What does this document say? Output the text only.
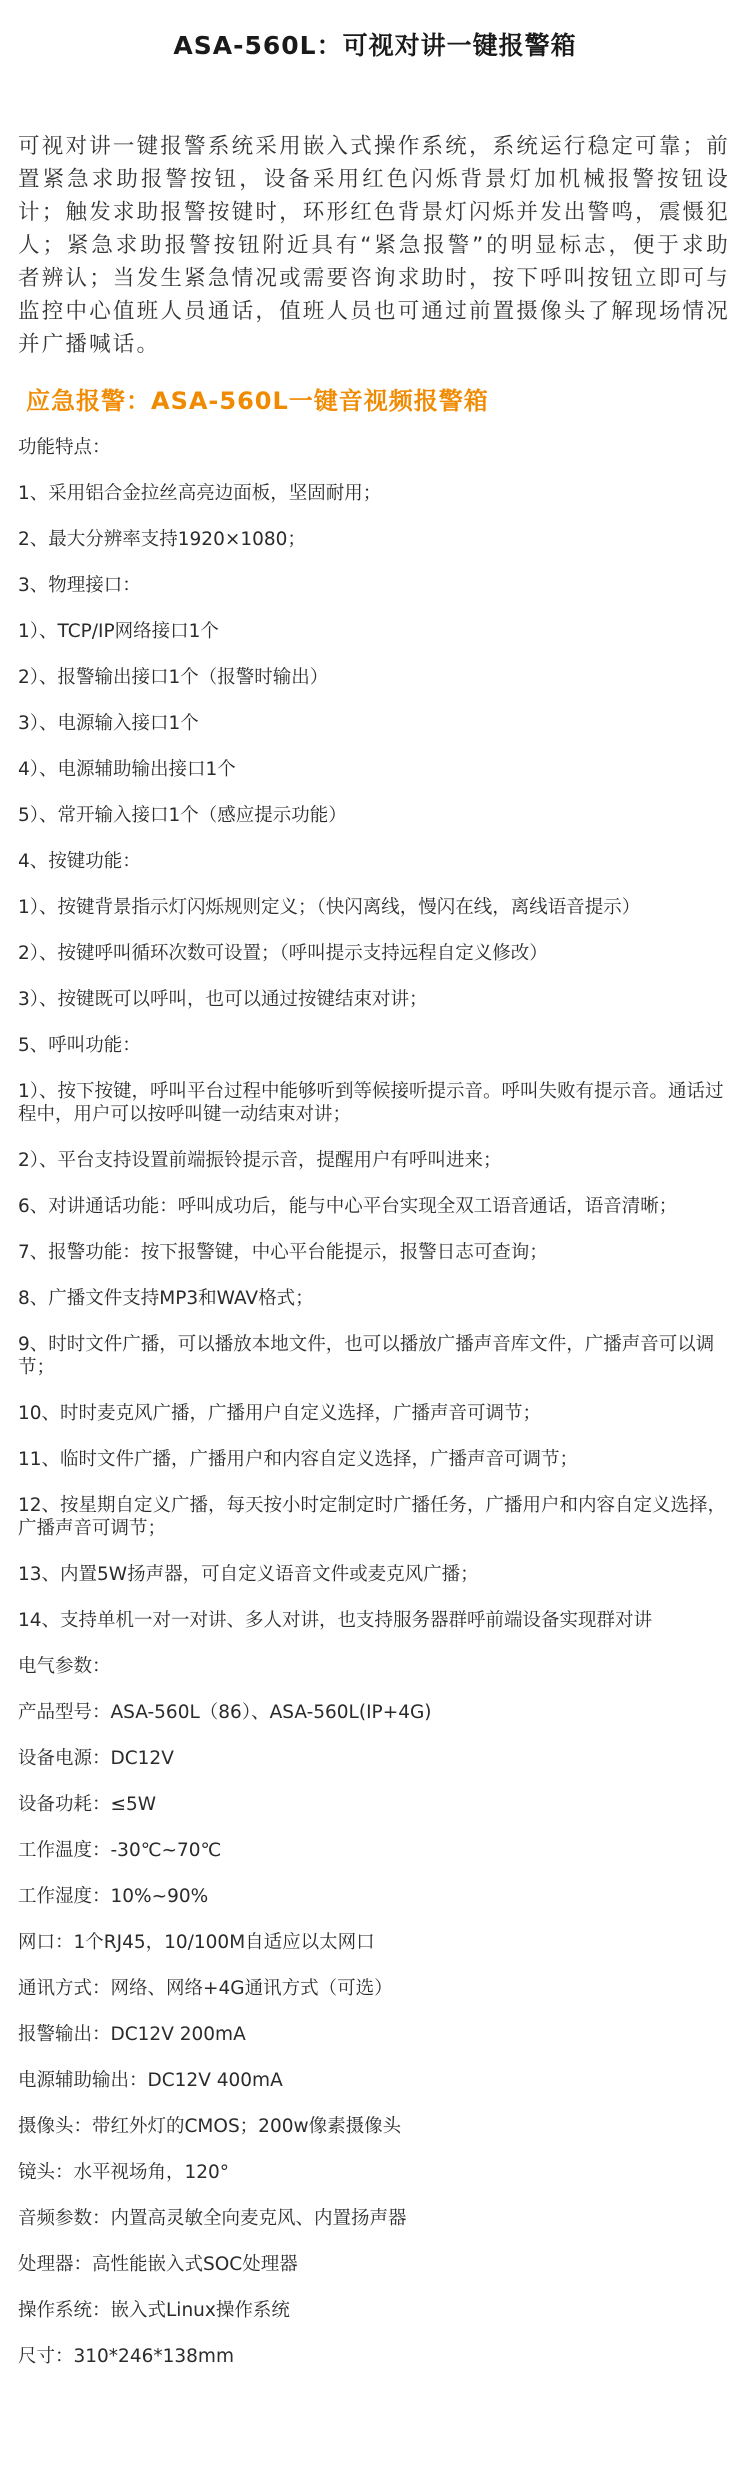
ASA-560L：可视对讲一键报警箱

可视对讲一键报警系统采用嵌入式操作系统，系统运行稳定可靠；前置紧急求助报警按钮，设备采用红色闪烁背景灯加机械报警按钮设计；触发求助报警按键时，环形红色背景灯闪烁并发出警鸣，震慑犯人；紧急求助报警按钮附近具有“紧急报警”的明显标志，便于求助者辨认；当发生紧急情况或需要咨询求助时，按下呼叫按钮立即可与监控中心值班人员通话，值班人员也可通过前置摄像头了解现场情况并广播喊话。

应急报警：ASA-560L一键音视频报警箱
功能特点：
1、采用铝合金拉丝高亮边面板，坚固耐用；
2、最大分辨率支持1920×1080；
3、物理接口：
1）、TCP/IP网络接口1个
2）、报警输出接口1个（报警时输出）
3）、电源输入接口1个
4）、电源辅助输出接口1个
5）、常开输入接口1个（感应提示功能）
4、按键功能：
1）、按键背景指示灯闪烁规则定义；（快闪离线，慢闪在线，离线语音提示）
2）、按键呼叫循环次数可设置；（呼叫提示支持远程自定义修改）
3）、按键既可以呼叫，也可以通过按键结束对讲；
5、呼叫功能：
1）、按下按键，呼叫平台过程中能够听到等候接听提示音。呼叫失败有提示音。通话过程中，用户可以按呼叫键一动结束对讲；
2）、平台支持设置前端振铃提示音，提醒用户有呼叫进来；
6、对讲通话功能：呼叫成功后，能与中心平台实现全双工语音通话，语音清晰；
7、报警功能：按下报警键，中心平台能提示，报警日志可查询；
8、广播文件支持MP3和WAV格式；
9、时时文件广播，可以播放本地文件，也可以播放广播声音库文件，广播声音可以调节；
10、时时麦克风广播，广播用户自定义选择，广播声音可调节；
11、临时文件广播，广播用户和内容自定义选择，广播声音可调节；
12、按星期自定义广播，每天按小时定制定时广播任务，广播用户和内容自定义选择，广播声音可调节；
13、内置5W扬声器，可自定义语音文件或麦克风广播；
14、支持单机一对一对讲、多人对讲，也支持服务器群呼前端设备实现群对讲
电气参数：
产品型号：ASA-560L（86）、ASA-560L(IP+4G)
设备电源：DC12V
设备功耗：≤5W
工作温度：-30℃~70℃
工作湿度：10%~90%
网口：1个RJ45，10/100M自适应以太网口
通讯方式：网络、网络+4G通讯方式（可选）
报警输出：DC12V 200mA
电源辅助输出：DC12V 400mA
摄像头：带红外灯的CMOS；200w像素摄像头
镜头：水平视场角，120°
音频参数：内置高灵敏全向麦克风、内置扬声器
处理器：高性能嵌入式SOC处理器
操作系统：嵌入式Linux操作系统
尺寸：310*246*138mm
